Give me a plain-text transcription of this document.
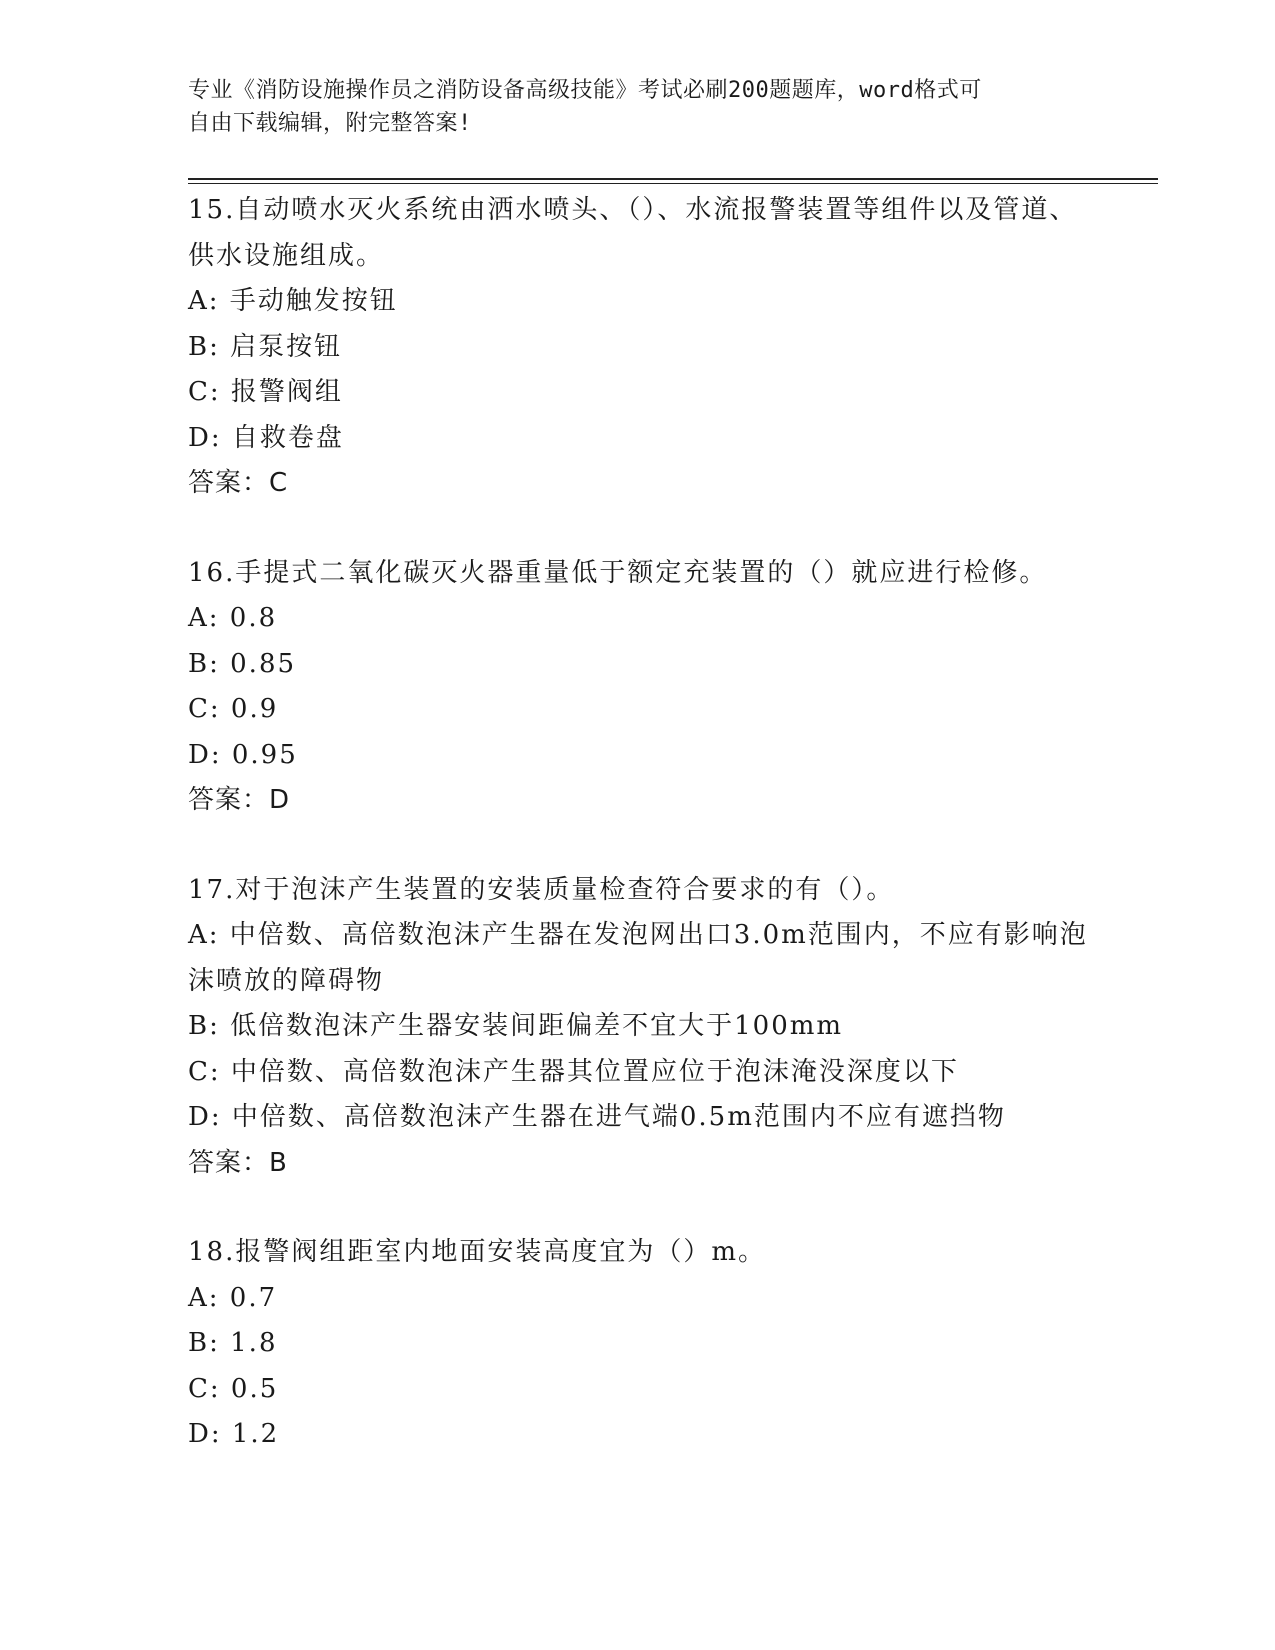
专业《消防设施操作员之消防设备高级技能》考试必刷200题题库，word格式可
自由下载编辑，附完整答案!
15.自动喷水灭火系统由洒水喷头、（）、水流报警装置等组件以及管道、供水设施组成。
A: 手动触发按钮
B: 启泵按钮
C: 报警阀组
D: 自救卷盘
答案：C
16.手提式二氧化碳灭火器重量低于额定充装置的（）就应进行检修。
A: 0.8
B: 0.85
C: 0.9
D: 0.95
答案：D
17.对于泡沫产生装置的安装质量检查符合要求的有（）。
A: 中倍数、高倍数泡沫产生器在发泡网出口3.0m范围内，不应有影响泡沫喷放的障碍物
B: 低倍数泡沫产生器安装间距偏差不宜大于100mm
C: 中倍数、高倍数泡沫产生器其位置应位于泡沫淹没深度以下
D: 中倍数、高倍数泡沫产生器在进气端0.5m范围内不应有遮挡物
答案：B
18.报警阀组距室内地面安装高度宜为（）m。
A: 0.7
B: 1.8
C: 0.5
D: 1.2
